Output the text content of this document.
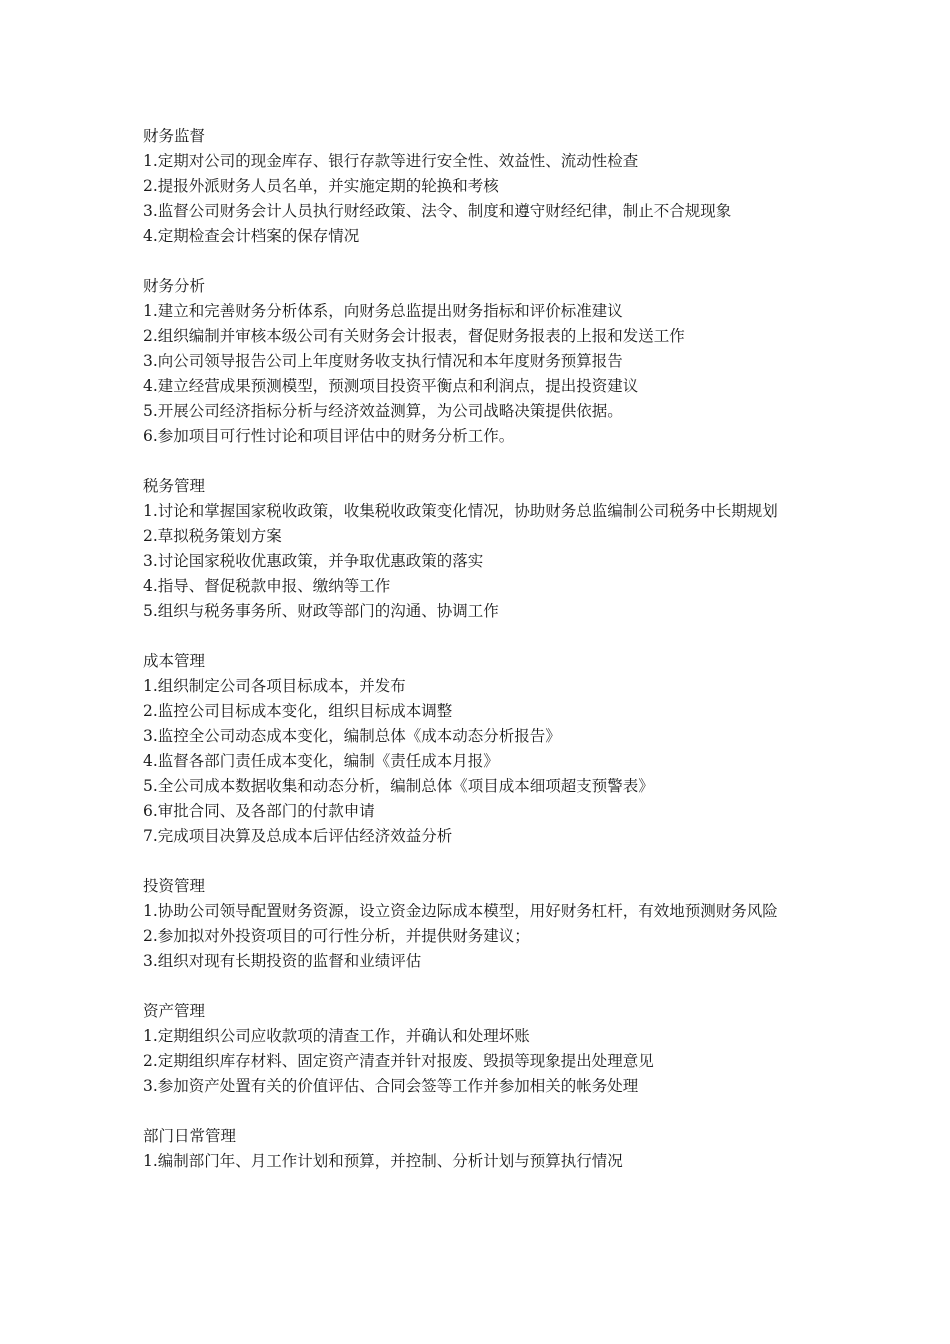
财务监督

1.定期对公司的现金库存、银行存款等进行安全性、效益性、流动性检查

2.提报外派财务人员名单，并实施定期的轮换和考核

3.监督公司财务会计人员执行财经政策、法令、制度和遵守财经纪律，制止不合规现象

4.定期检查会计档案的保存情况

财务分析

1.建立和完善财务分析体系，向财务总监提出财务指标和评价标准建议

2.组织编制并审核本级公司有关财务会计报表，督促财务报表的上报和发送工作

3.向公司领导报告公司上年度财务收支执行情况和本年度财务预算报告

4.建立经营成果预测模型，预测项目投资平衡点和利润点，提出投资建议

5.开展公司经济指标分析与经济效益测算，为公司战略决策提供依据。

6.参加项目可行性讨论和项目评估中的财务分析工作。

税务管理

1.讨论和掌握国家税收政策，收集税收政策变化情况，协助财务总监编制公司税务中长期规划

2.草拟税务策划方案

3.讨论国家税收优惠政策，并争取优惠政策的落实

4.指导、督促税款申报、缴纳等工作

5.组织与税务事务所、财政等部门的沟通、协调工作

成本管理

1.组织制定公司各项目标成本，并发布

2.监控公司目标成本变化，组织目标成本调整

3.监控全公司动态成本变化，编制总体《成本动态分析报告》

4.监督各部门责任成本变化，编制《责任成本月报》

5.全公司成本数据收集和动态分析，编制总体《项目成本细项超支预警表》

6.审批合同、及各部门的付款申请

7.完成项目决算及总成本后评估经济效益分析

投资管理

1.协助公司领导配置财务资源，设立资金边际成本模型，用好财务杠杆，有效地预测财务风险

2.参加拟对外投资项目的可行性分析，并提供财务建议；

3.组织对现有长期投资的监督和业绩评估

资产管理

1.定期组织公司应收款项的清查工作，并确认和处理坏账

2.定期组织库存材料、固定资产清查并针对报废、毁损等现象提出处理意见

3.参加资产处置有关的价值评估、合同会签等工作并参加相关的帐务处理

部门日常管理

1.编制部门年、月工作计划和预算，并控制、分析计划与预算执行情况
